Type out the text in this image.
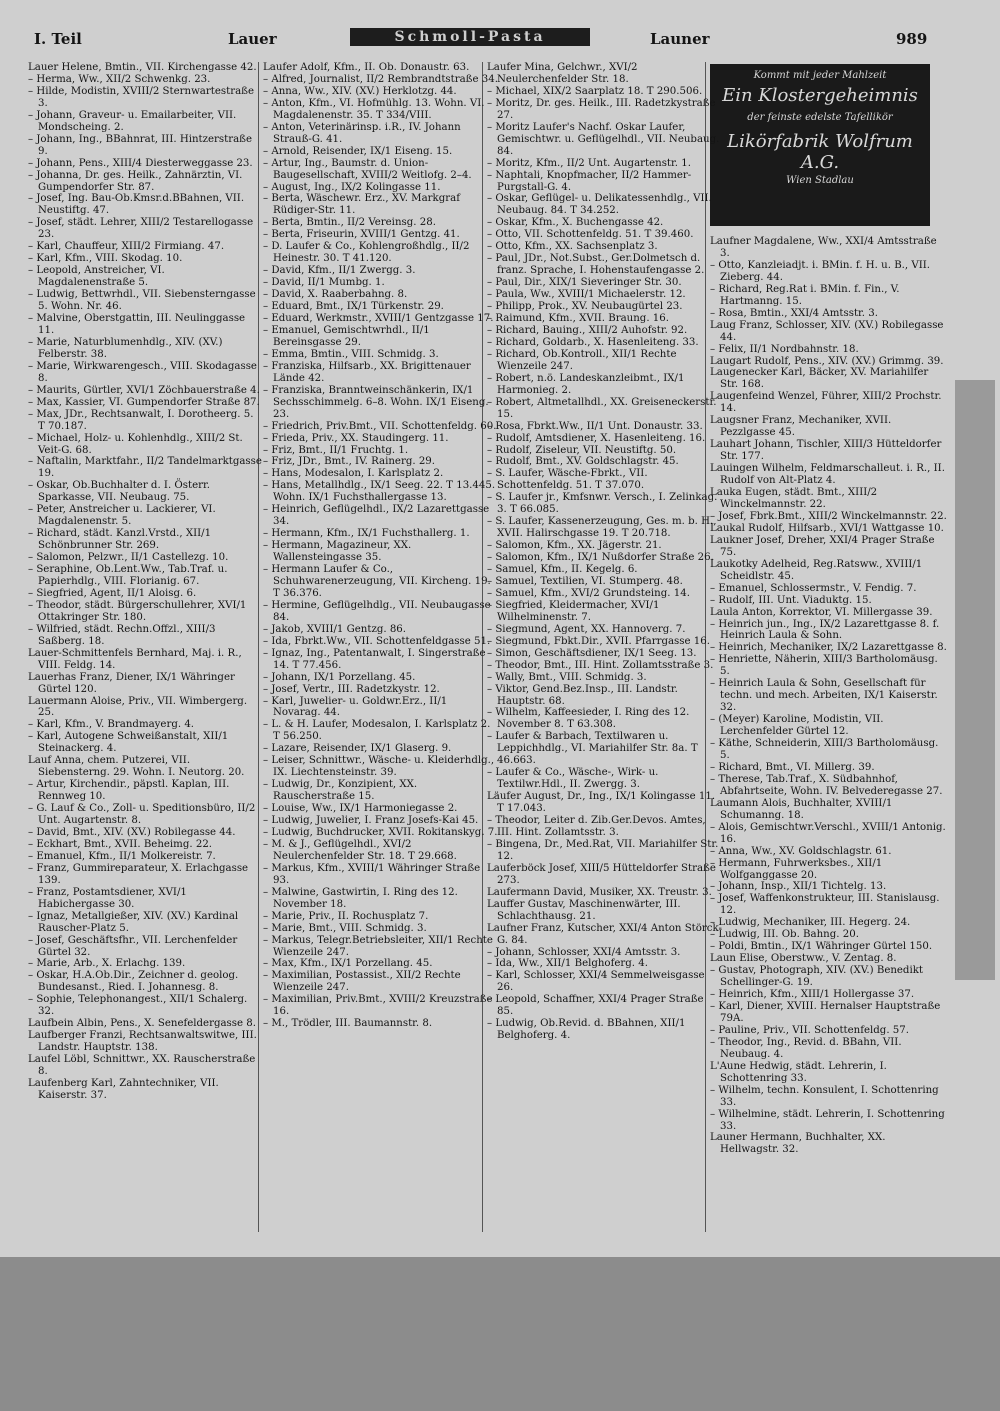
I. Teil	Lauer	Schmoll-Pasta	Launer	989
Kommt mit jeder Mahlzeit
Ein Klostergeheimnis
der feinste edelste Tafellikör
Likörfabrik Wolfrum A.G.
Wien Stadlau
Lauer Helene, Bmtin., VII. Kirchengasse 42.
– Herma, Ww., XII/2 Schwenkg. 23.
– Hilde, Modistin, XVIII/2 Sternwartestraße 3.
– Johann, Graveur- u. Emailarbeiter, VII. Mondscheing. 2.
– Johann, Ing., BBahnrat, III. Hintzerstraße 9.
– Johann, Pens., XIII/4 Diesterweggasse 23.
– Johanna, Dr. ges. Heilk., Zahnärztin, VI. Gumpendorfer Str. 87.
– Josef, Ing. Bau-Ob.Kmsr.d.BBahnen, VII. Neustiftg. 47.
– Josef, städt. Lehrer, XIII/2 Testarellogasse 23.
– Karl, Chauffeur, XIII/2 Firmiang. 47.
– Karl, Kfm., VIII. Skodag. 10.
– Leopold, Anstreicher, VI. Magdalenenstraße 5.
– Ludwig, Bettwrhdl., VII. Siebensterngasse 5. Wohn. Nr. 46.
– Malvine, Oberstgattin, III. Neulinggasse 11.
– Marie, Naturblumenhdlg., XIV. (XV.) Felberstr. 38.
– Marie, Wirkwarengesch., VIII. Skodagasse 8.
– Maurits, Gürtler, XVI/1 Zöchbauerstraße 4.
– Max, Kassier, VI. Gumpendorfer Straße 87.
– Max, JDr., Rechtsanwalt, I. Dorotheerg. 5. T 70.187.
– Michael, Holz- u. Kohlenhdlg., XIII/2 St. Veit-G. 68.
– Naftalin, Marktfahr., II/2 Tandelmarktgasse 19.
– Oskar, Ob.Buchhalter d. I. Österr. Sparkasse, VII. Neubaug. 75.
– Peter, Anstreicher u. Lackierer, VI. Magdalenenstr. 5.
– Richard, städt. Kanzl.Vrstd., XII/1 Schönbrunner Str. 269.
– Salomon, Pelzwr., II/1 Castellezg. 10.
– Seraphine, Ob.Lent.Ww., Tab.Traf. u. Papierhdlg., VIII. Florianig. 67.
– Siegfried, Agent, II/1 Aloisg. 6.
– Theodor, städt. Bürgerschullehrer, XVI/1 Ottakringer Str. 180.
– Wilfried, städt. Rechn.Offzl., XIII/3 Saßberg. 18.
Lauer-Schmittenfels Bernhard, Maj. i. R., VIII. Feldg. 14.
Lauerhas Franz, Diener, IX/1 Währinger Gürtel 120.
Lauermann Aloise, Priv., VII. Wimbergerg. 25.
– Karl, Kfm., V. Brandmayerg. 4.
– Karl, Autogene Schweißanstalt, XII/1 Steinackerg. 4.
Lauf Anna, chem. Putzerei, VII. Siebensterng. 29. Wohn. I. Neutorg. 20.
– Artur, Kirchendir., päpstl. Kaplan, III. Rennweg 10.
– G. Lauf & Co., Zoll- u. Speditionsbüro, II/2 Unt. Augartenstr. 8.
– David, Bmt., XIV. (XV.) Robilegasse 44.
– Eckhart, Bmt., XVII. Beheimg. 22.
– Emanuel, Kfm., II/1 Molkereistr. 7.
– Franz, Gummireparateur, X. Erlachgasse 139.
– Franz, Postamtsdiener, XVI/1 Habichergasse 30.
– Ignaz, Metallgießer, XIV. (XV.) Kardinal Rauscher-Platz 5.
– Josef, Geschäftsfhr., VII. Lerchenfelder Gürtel 32.
– Marie, Arb., X. Erlachg. 139.
– Oskar, H.A.Ob.Dir., Zeichner d. geolog. Bundesanst., Ried. I. Johannesg. 8.
– Sophie, Telephonangest., XII/1 Schalerg. 32.
Laufbein Albin, Pens., X. Senefeldergasse 8.
Laufberger Franzi, Rechtsanwaltswitwe, III. Landstr. Hauptstr. 138.
Laufel Löbl, Schnittwr., XX. Rauscherstraße 8.
Laufenberg Karl, Zahntechniker, VII. Kaiserstr. 37.
Laufer Adolf, Kfm., II. Ob. Donaustr. 63.
– Alfred, Journalist, II/2 Rembrandtstraße 34.
– Anna, Ww., XIV. (XV.) Herklotzg. 44.
– Anton, Kfm., VI. Hofmühlg. 13. Wohn. VI. Magdalenenstr. 35. T 334/VIII.
– Anton, Veterinärinsp. i.R., IV. Johann Strauß-G. 41.
– Arnold, Reisender, IX/1 Eiseng. 15.
– Artur, Ing., Baumstr. d. Union-Baugesellschaft, XVIII/2 Weitlofg. 2–4.
– August, Ing., IX/2 Kolingasse 11.
– Berta, Wäschewr. Erz., XV. Markgraf Rüdiger-Str. 11.
– Berta, Bmtin., II/2 Vereinsg. 28.
– Berta, Friseurin, XVIII/1 Gentzg. 41.
– D. Laufer & Co., Kohlengroßhdlg., II/2 Heinestr. 30. T 41.120.
– David, Kfm., II/1 Zwergg. 3.
– David, II/1 Mumbg. 1.
– David, X. Raaberbahng. 8.
– Eduard, Bmt., IX/1 Türkenstr. 29.
– Eduard, Werkmstr., XVIII/1 Gentzgasse 17.
– Emanuel, Gemischtwrhdl., II/1 Bereinsgasse 29.
– Emma, Bmtin., VIII. Schmidg. 3.
– Franziska, Hilfsarb., XX. Brigittenauer Lände 42.
– Franziska, Branntweinschänkerin, IX/1 Sechsschimmelg. 6–8. Wohn. IX/1 Eiseng. 23.
– Friedrich, Priv.Bmt., VII. Schottenfeldg. 60.
– Frieda, Priv., XX. Staudingerg. 11.
– Friz, Bmt., II/1 Fruchtg. 1.
– Friz, JDr., Bmt., IV. Rainerg. 29.
– Hans, Modesalon, I. Karlsplatz 2.
– Hans, Metallhdlg., IX/1 Seeg. 22. T 13.445. Wohn. IX/1 Fuchsthallergasse 13.
– Heinrich, Geflügelhdl., IX/2 Lazarettgasse 34.
– Hermann, Kfm., IX/1 Fuchsthallerg. 1.
– Hermann, Magazineur, XX. Wallensteingasse 35.
– Hermann Laufer & Co., Schuhwarenerzeugung, VII. Kircheng. 19. T 36.376.
– Hermine, Geflügelhdlg., VII. Neubaugasse 84.
– Jakob, XVIII/1 Gentzg. 86.
– Ida, Fbrkt.Ww., VII. Schottenfeldgasse 51.
– Ignaz, Ing., Patentanwalt, I. Singerstraße 14. T 77.456.
– Johann, IX/1 Porzellang. 45.
– Josef, Vertr., III. Radetzkystr. 12.
– Karl, Juwelier- u. Goldwr.Erz., II/1 Novarag. 44.
– L. & H. Laufer, Modesalon, I. Karlsplatz 2. T 56.250.
– Lazare, Reisender, IX/1 Glaserg. 9.
– Leiser, Schnittwr., Wäsche- u. Kleiderhdlg., IX. Liechtensteinstr. 39.
– Ludwig, Dr., Konzipient, XX. Rauscherstraße 15.
– Louise, Ww., IX/1 Harmoniegasse 2.
– Ludwig, Juwelier, I. Franz Josefs-Kai 45.
– Ludwig, Buchdrucker, XVII. Rokitanskyg. 7.
– M. & J., Geflügelhdl., XVI/2 Neulerchenfelder Str. 18. T 29.668.
– Markus, Kfm., XVIII/1 Währinger Straße 93.
– Malwine, Gastwirtin, I. Ring des 12. November 18.
– Marie, Priv., II. Rochusplatz 7.
– Marie, Bmt., VIII. Schmidg. 3.
– Markus, Telegr.Betriebsleiter, XII/1 Rechte Wienzeile 247.
– Max, Kfm., IX/1 Porzellang. 45.
– Maximilian, Postassist., XII/2 Rechte Wienzeile 247.
– Maximilian, Priv.Bmt., XVIII/2 Kreuzstraße 16.
– M., Trödler, III. Baumannstr. 8.
Laufer Mina, Gelchwr., XVI/2 Neulerchenfelder Str. 18.
– Michael, XIX/2 Saarplatz 18. T 290.506.
– Moritz, Dr. ges. Heilk., III. Radetzkystraße 27.
– Moritz Laufer's Nachf. Oskar Laufer, Gemischtwr. u. Geflügelhdl., VII. Neubaug. 84.
– Moritz, Kfm., II/2 Unt. Augartenstr. 1.
– Naphtali, Knopfmacher, II/2 Hammer-Purgstall-G. 4.
– Oskar, Geflügel- u. Delikatessenhdlg., VII. Neubaug. 84. T 34.252.
– Oskar, Kfm., X. Buchengasse 42.
– Otto, VII. Schottenfeldg. 51. T 39.460.
– Otto, Kfm., XX. Sachsenplatz 3.
– Paul, JDr., Not.Subst., Ger.Dolmetsch d. franz. Sprache, I. Hohenstaufengasse 2.
– Paul, Dir., XIX/1 Sieveringer Str. 30.
– Paula, Ww., XVIII/1 Michaelerstr. 12.
– Philipp, Prok., XV. Neubaugürtel 23.
– Raimund, Kfm., XVII. Braung. 16.
– Richard, Bauing., XIII/2 Auhofstr. 92.
– Richard, Goldarb., X. Hasenleiteng. 33.
– Richard, Ob.Kontroll., XII/1 Rechte Wienzeile 247.
– Robert, n.ö. Landeskanzleibmt., IX/1 Harmonieg. 2.
– Robert, Altmetallhdl., XX. Greiseneckerstr. 15.
– Rosa, Fbrkt.Ww., II/1 Unt. Donaustr. 33.
– Rudolf, Amtsdiener, X. Hasenleiteng. 16.
– Rudolf, Ziseleur, VII. Neustiftg. 50.
– Rudolf, Bmt., XV. Goldschlagstr. 45.
– S. Laufer, Wäsche-Fbrkt., VII. Schottenfeldg. 51. T 37.070.
– S. Laufer jr., Kmfsnwr. Versch., I. Zelinkag. 3. T 66.085.
– S. Laufer, Kassenerzeugung, Ges. m. b. H., XVII. Halirschgasse 19. T 20.718.
– Salomon, Kfm., XX. Jägerstr. 21.
– Salomon, Kfm., IX/1 Nußdorfer Straße 26.
– Samuel, Kfm., II. Kegelg. 6.
– Samuel, Textilien, VI. Stumperg. 48.
– Samuel, Kfm., XVI/2 Grundsteing. 14.
– Siegfried, Kleidermacher, XVI/1 Wilhelminenstr. 7.
– Siegmund, Agent, XX. Hannoverg. 7.
– Siegmund, Fbkt.Dir., XVII. Pfarrgasse 16.
– Simon, Geschäftsdiener, IX/1 Seeg. 13.
– Theodor, Bmt., III. Hint. Zollamtsstraße 3.
– Wally, Bmt., VIII. Schmidg. 3.
– Viktor, Gend.Bez.Insp., III. Landstr. Hauptstr. 68.
– Wilhelm, Kaffeesieder, I. Ring des 12. November 8. T 63.308.
– Laufer & Barbach, Textilwaren u. Leppichhdlg., VI. Mariahilfer Str. 8a. T 46.663.
– Laufer & Co., Wäsche-, Wirk- u. Textilwr.Hdl., II. Zwergg. 3.
Läufer August, Dr., Ing., IX/1 Kolingasse 11. T 17.043.
– Theodor, Leiter d. Zib.Ger.Devos. Amtes, III. Hint. Zollamtsstr. 3.
– Bingena, Dr., Med.Rat, VII. Mariahilfer Str. 12.
Lauferböck Josef, XIII/5 Hütteldorfer Straße 273.
Laufermann David, Musiker, XX. Treustr. 3.
Lauffer Gustav, Maschinenwärter, III. Schlachthausg. 21.
Laufner Franz, Kutscher, XXI/4 Anton Störck-G. 84.
– Johann, Schlosser, XXI/4 Amtsstr. 3.
– Ida, Ww., XII/1 Belghoferg. 4.
– Karl, Schlosser, XXI/4 Semmelweisgasse 26.
– Leopold, Schaffner, XXI/4 Prager Straße 85.
– Ludwig, Ob.Revid. d. BBahnen, XII/1 Belghoferg. 4.
Laufner Magdalene, Ww., XXI/4 Amtsstraße 3.
– Otto, Kanzleiadjt. i. BMin. f. H. u. B., VII. Zieberg. 44.
– Richard, Reg.Rat i. BMin. f. Fin., V. Hartmanng. 15.
– Rosa, Bmtin., XXI/4 Amtsstr. 3.
Laug Franz, Schlosser, XIV. (XV.) Robilegasse 44.
– Felix, II/1 Nordbahnstr. 18.
Laugart Rudolf, Pens., XIV. (XV.) Grimmg. 39.
Laugenecker Karl, Bäcker, XV. Mariahilfer Str. 168.
Laugenfeind Wenzel, Führer, XIII/2 Prochstr. 14.
Laugsner Franz, Mechaniker, XVII. Pezzlgasse 45.
Lauhart Johann, Tischler, XIII/3 Hütteldorfer Str. 177.
Lauingen Wilhelm, Feldmarschalleut. i. R., II. Rudolf von Alt-Platz 4.
Lauka Eugen, städt. Bmt., XIII/2 Winckelmannstr. 22.
– Josef, Fbrk.Bmt., XIII/2 Winckelmannstr. 22.
Laukal Rudolf, Hilfsarb., XVI/1 Wattgasse 10.
Laukner Josef, Dreher, XXI/4 Prager Straße 75.
Laukotky Adelheid, Reg.Ratsww., XVIII/1 Scheidlstr. 45.
– Emanuel, Schlossermstr., V. Fendig. 7.
– Rudolf, III. Unt. Viaduktg. 15.
Laula Anton, Korrektor, VI. Millergasse 39.
– Heinrich jun., Ing., IX/2 Lazarettgasse 8. f. Heinrich Laula & Sohn.
– Heinrich, Mechaniker, IX/2 Lazarettgasse 8.
– Henriette, Näherin, XIII/3 Bartholomäusg. 5.
– Heinrich Laula & Sohn, Gesellschaft für techn. und mech. Arbeiten, IX/1 Kaiserstr. 32.
– (Meyer) Karoline, Modistin, VII. Lerchenfelder Gürtel 12.
– Käthe, Schneiderin, XIII/3 Bartholomäusg. 5.
– Richard, Bmt., VI. Millerg. 39.
– Therese, Tab.Traf., X. Südbahnhof, Abfahrtseite, Wohn. IV. Belvederegasse 27.
Laumann Alois, Buchhalter, XVIII/1 Schumanng. 18.
– Alois, Gemischtwr.Verschl., XVIII/1 Antonig. 16.
– Anna, Ww., XV. Goldschlagstr. 61.
– Hermann, Fuhrwerksbes., XII/1 Wolfganggasse 20.
– Johann, Insp., XII/1 Tichtelg. 13.
– Josef, Waffenkonstrukteur, III. Stanislausg. 12.
– Ludwig, Mechaniker, III. Hegerg. 24.
– Ludwig, III. Ob. Bahng. 20.
– Poldi, Bmtin., IX/1 Währinger Gürtel 150.
Laun Elise, Oberstww., V. Zentag. 8.
– Gustav, Photograph, XIV. (XV.) Benedikt Schellinger-G. 19.
– Heinrich, Kfm., XIII/1 Hollergasse 37.
– Karl, Diener, XVIII. Hernalser Hauptstraße 79A.
– Pauline, Priv., VII. Schottenfeldg. 57.
– Theodor, Ing., Revid. d. BBahn, VII. Neubaug. 4.
L'Aune Hedwig, städt. Lehrerin, I. Schottenring 33.
– Wilhelm, techn. Konsulent, I. Schottenring 33.
– Wilhelmine, städt. Lehrerin, I. Schottenring 33.
Launer Hermann, Buchhalter, XX. Hellwagstr. 32.
